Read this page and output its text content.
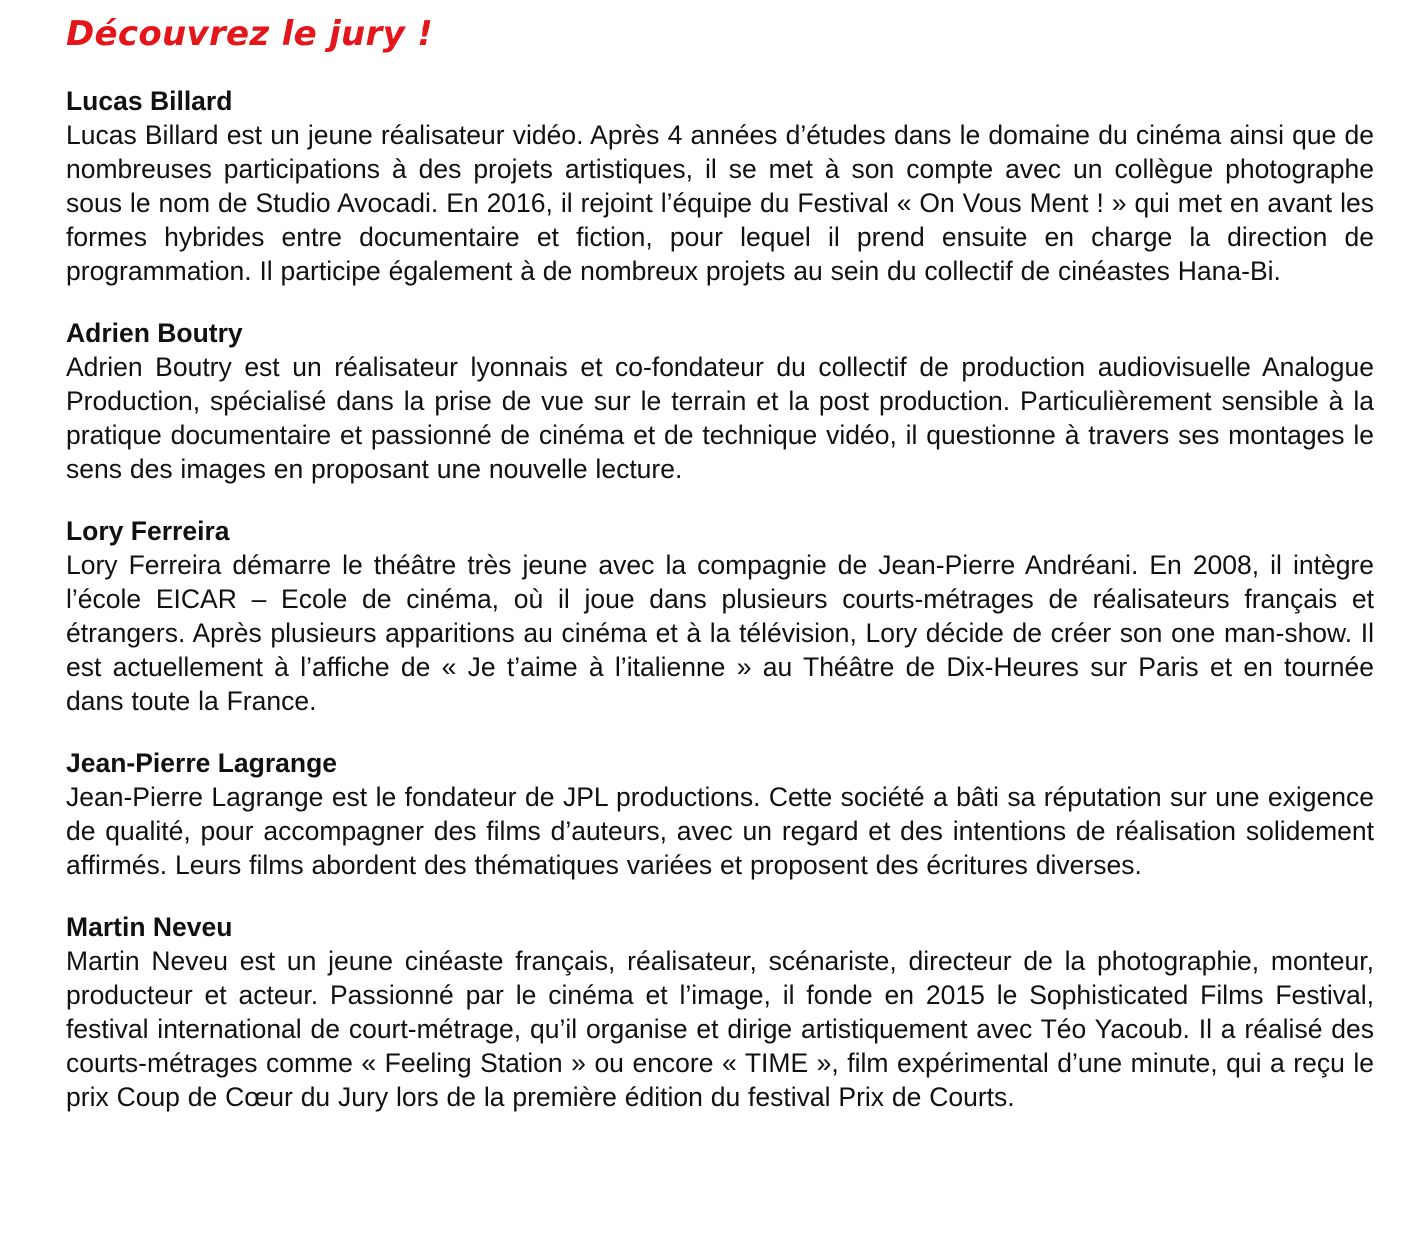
Découvrez le jury !

Lucas Billard

Lucas Billard est un jeune réalisateur vidéo. Après 4 années d’études dans le domaine du cinéma ainsi que de nombreuses participations à des projets artistiques, il se met à son compte avec un collègue photographe sous le nom de Studio Avocadi. En 2016, il rejoint l’équipe du Festival « On Vous Ment ! » qui met en avant les formes hybrides entre documentaire et fiction, pour lequel il prend ensuite en charge la direction de programmation. Il participe également à de nombreux projets au sein du collectif de cinéastes Hana-Bi.

Adrien Boutry

Adrien Boutry est un réalisateur lyonnais et co-fondateur du collectif de production audiovisuelle Analogue Production, spécialisé dans la prise de vue sur le terrain et la post production. Particulièrement sensible à la pratique documentaire et passionné de cinéma et de technique vidéo, il questionne à travers ses montages le sens des images en proposant une nouvelle lecture.

Lory Ferreira

Lory Ferreira démarre le théâtre très jeune avec la compagnie de Jean-Pierre Andréani. En 2008, il intègre l’école EICAR – Ecole de cinéma, où il joue dans plusieurs courts-métrages de réalisateurs français et étrangers. Après plusieurs apparitions au cinéma et à la télévision, Lory décide de créer son one man-show. Il est actuellement à l’affiche de « Je t’aime à l’italienne » au Théâtre de Dix-Heures sur Paris et en tournée dans toute la France.

Jean-Pierre Lagrange

Jean-Pierre Lagrange est le fondateur de JPL productions. Cette société a bâti sa réputation sur une exigence de qualité, pour accompagner des films d’auteurs, avec un regard et des intentions de réalisation solidement affirmés. Leurs films abordent des thématiques variées et proposent des écritures diverses.

Martin Neveu

Martin Neveu est un jeune cinéaste français, réalisateur, scénariste, directeur de la photographie, monteur, producteur et acteur. Passionné par le cinéma et l’image, il fonde en 2015 le Sophisticated Films Festival, festival international de court-métrage, qu’il organise et dirige artistiquement avec Téo Yacoub. Il a réalisé des courts-métrages comme « Feeling Station » ou encore « TIME », film expérimental d’une minute, qui a reçu le prix Coup de Cœur du Jury lors de la première édition du festival Prix de Courts.
